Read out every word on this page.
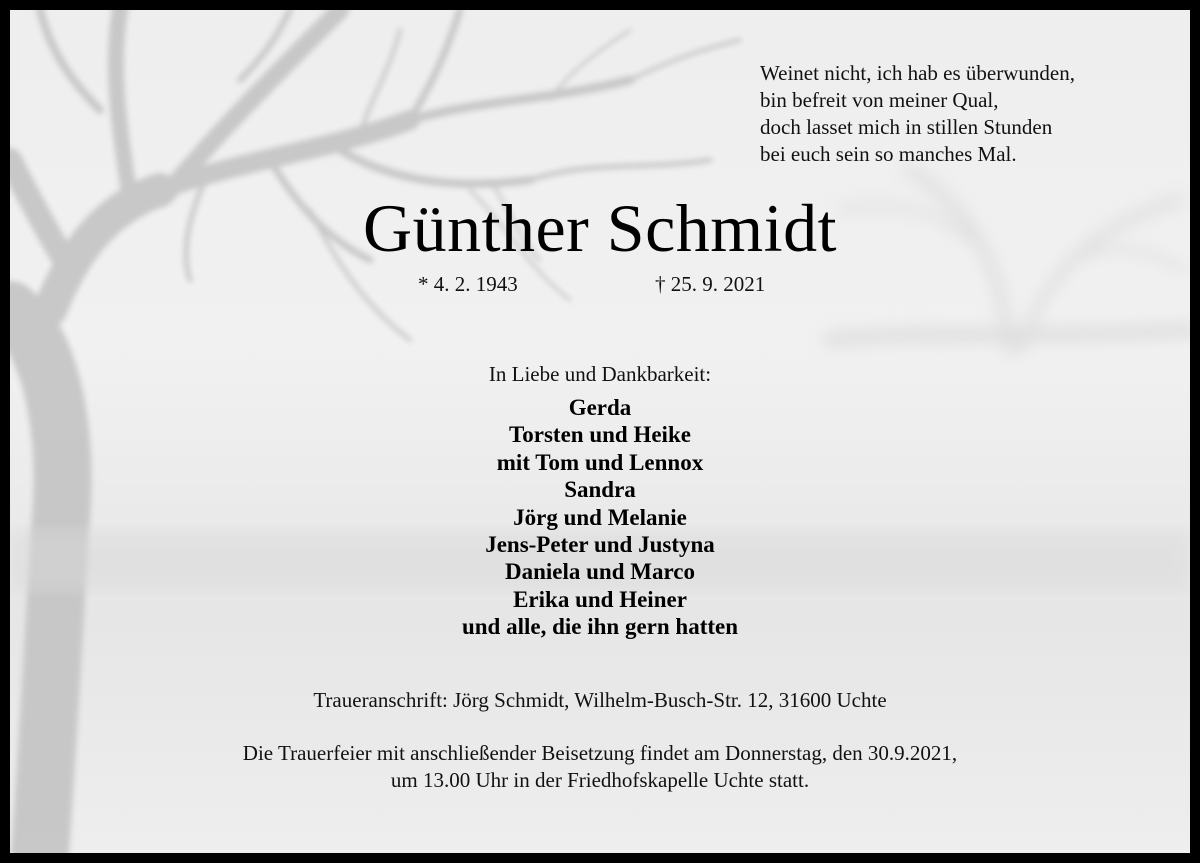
Weinet nicht, ich hab es überwunden,
bin befreit von meiner Qual,
doch lasset mich in stillen Stunden
bei euch sein so manches Mal.
Günther Schmidt
* 4. 2. 1943	† 25. 9. 2021
In Liebe und Dankbarkeit:
Gerda
Torsten und Heike
mit Tom und Lennox
Sandra
Jörg und Melanie
Jens-Peter und Justyna
Daniela und Marco
Erika und Heiner
und alle, die ihn gern hatten
Traueranschrift: Jörg Schmidt, Wilhelm-Busch-Str. 12, 31600 Uchte
Die Trauerfeier mit anschließender Beisetzung findet am Donnerstag, den 30.9.2021,
um 13.00 Uhr in der Friedhofskapelle Uchte statt.
